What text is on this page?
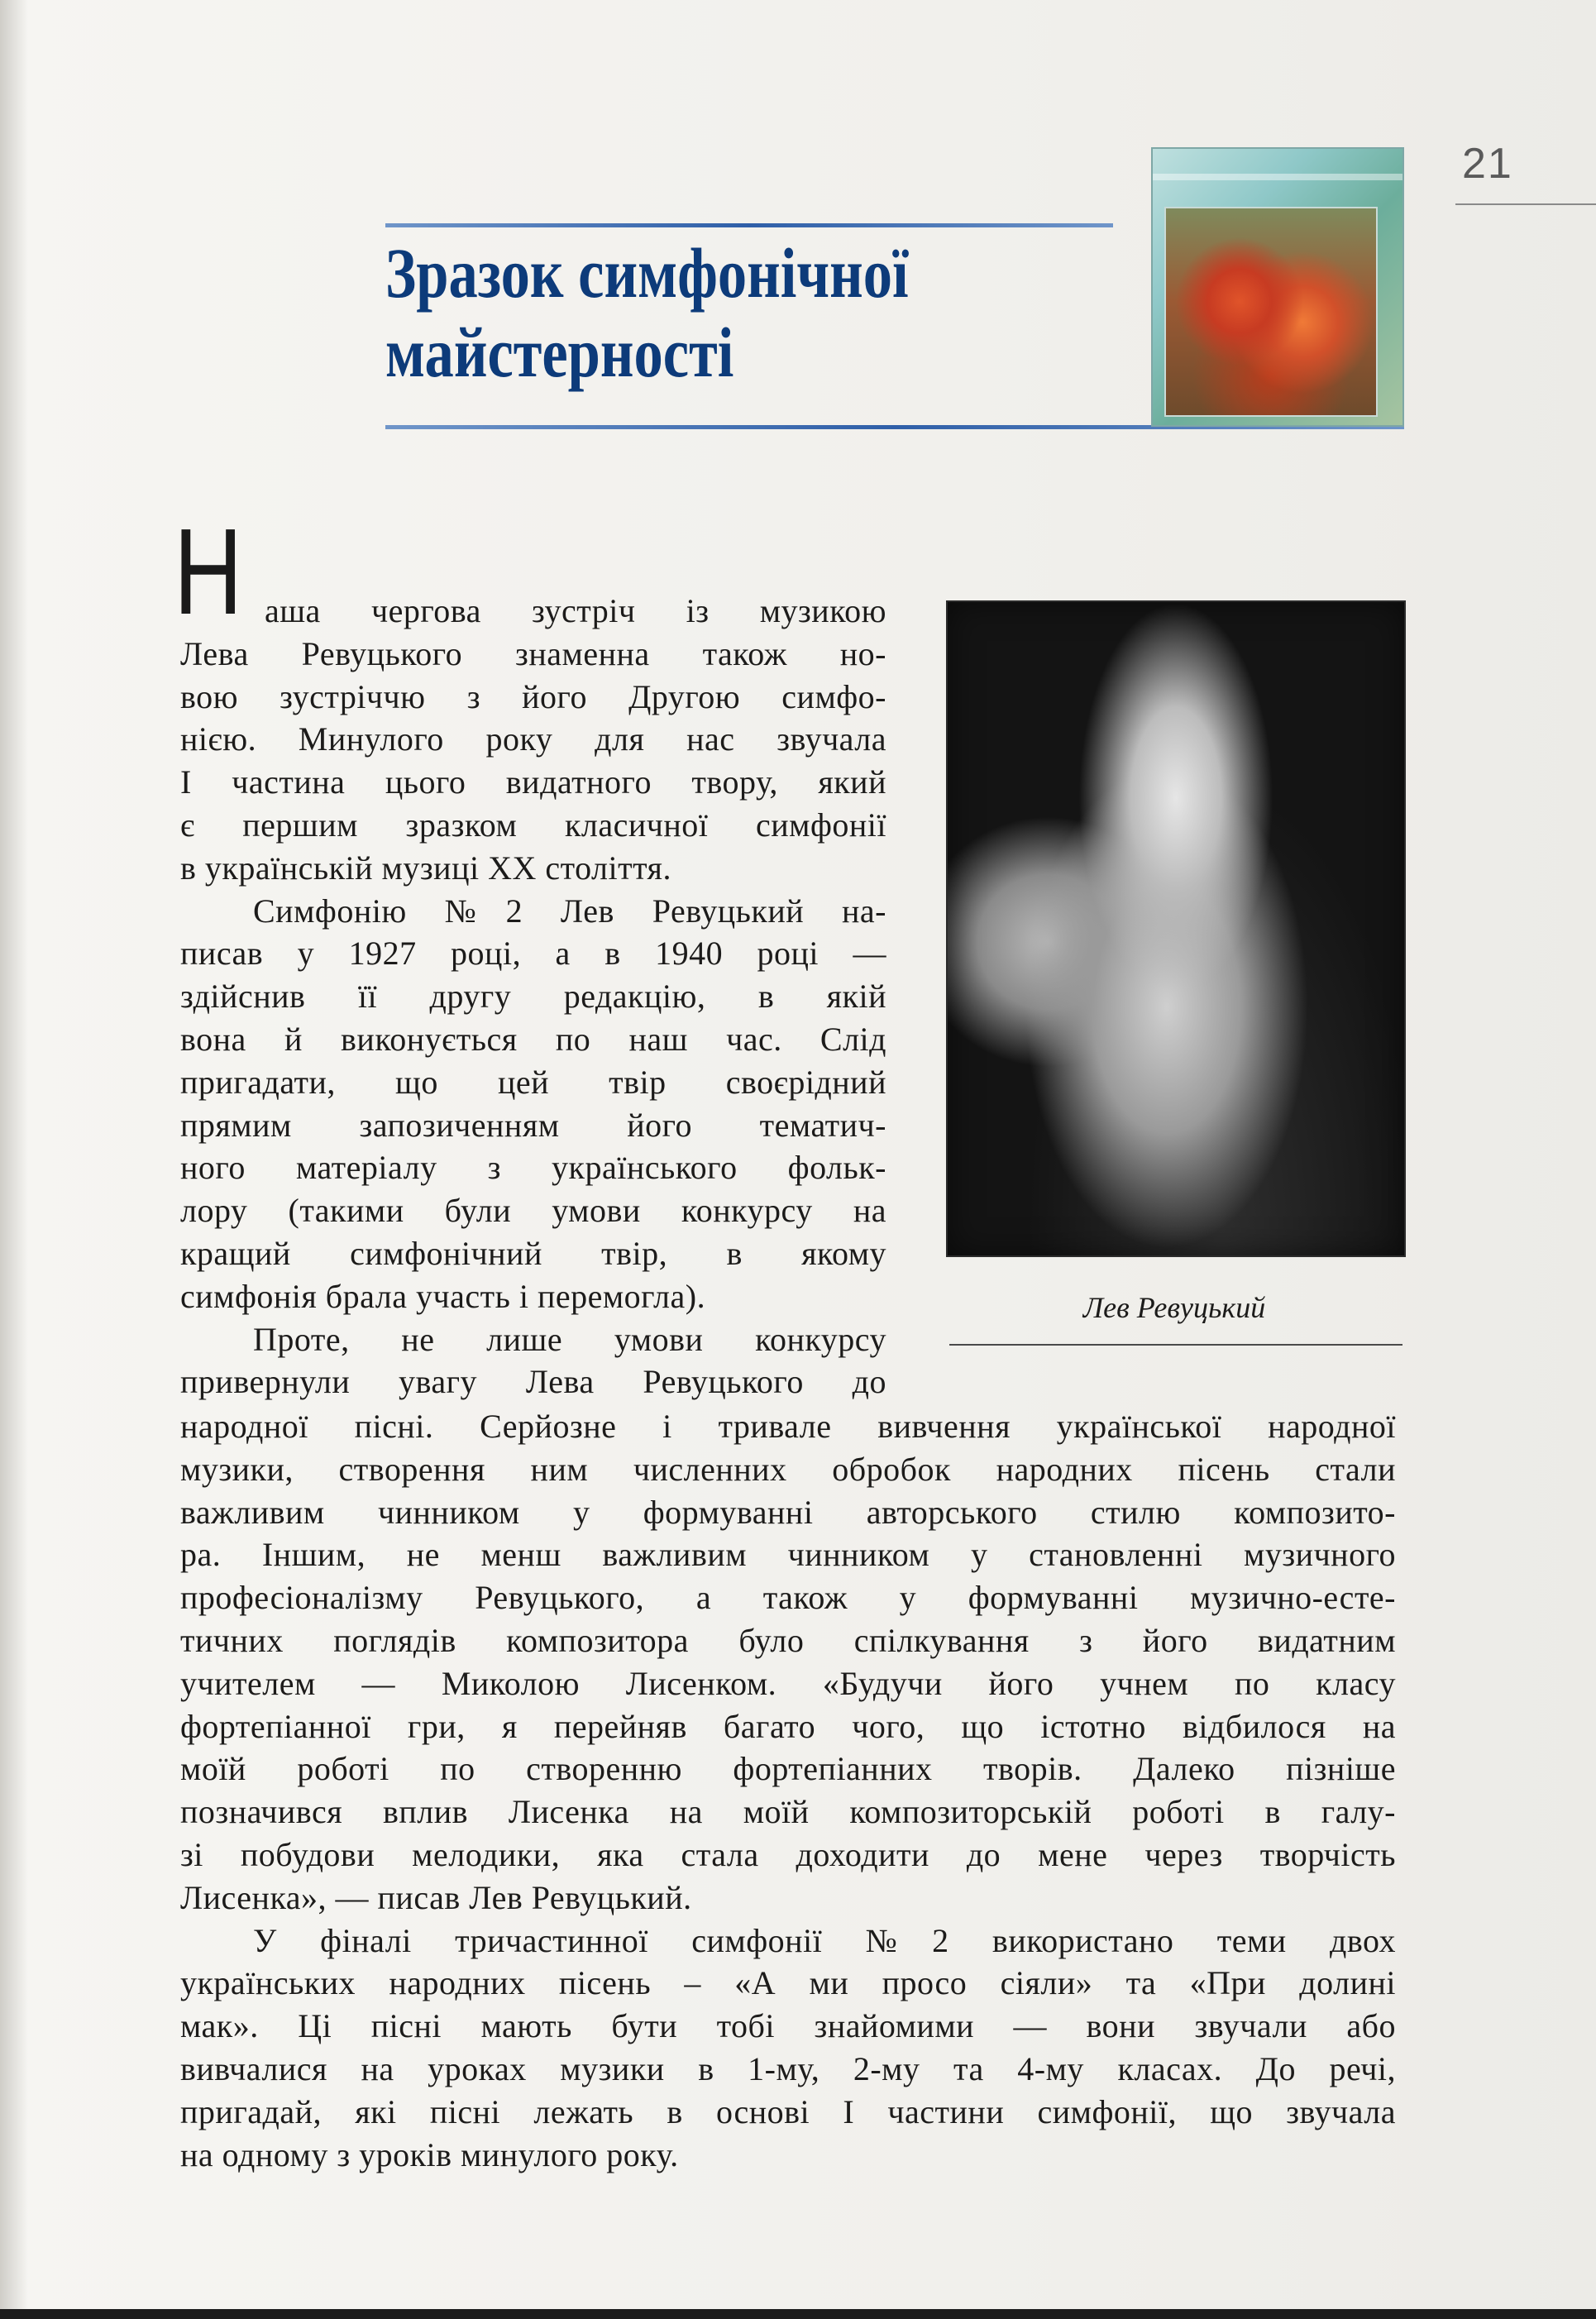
21
Зразок симфонічної
майстерності
Н аша чергова зустріч із музикою
Лева Ревуцького знаменна також но-
вою зустріччю з його Другою симфо-
нією. Минулого року для нас звучала
І частина цього видатного твору, який
є першим зразком класичної симфонії
в українській музиці XX століття.
Симфонію №2 Лев Ревуцький на-
писав у 1927 році, а в 1940 році —
здійснив її другу редакцію, в якій
вона й виконується по наш час. Слід
пригадати, що цей твір своєрідний
прямим запозиченням його тематич-
ного матеріалу з українського фольк-
лору (такими були умови конкурсу на
кращий симфонічний твір, в якому
симфонія брала участь і перемогла).
Проте, не лише умови конкурсу
привернули увагу Лева Ревуцького до
Лев Ревуцький
народної пісні. Серйозне і тривале вивчення української народної
музики, створення ним численних обробок народних пісень стали
важливим чинником у формуванні авторського стилю композито-
ра. Іншим, не менш важливим чинником у становленні музичного
професіоналізму Ревуцького, а також у формуванні музично-есте-
тичних поглядів композитора було спілкування з його видатним
учителем — Миколою Лисенком. «Будучи його учнем по класу
фортепіанної гри, я перейняв багато чого, що істотно відбилося на
моїй роботі по створенню фортепіанних творів. Далеко пізніше
позначився вплив Лисенка на моїй композиторській роботі в галу-
зі побудови мелодики, яка стала доходити до мене через творчість
Лисенка», — писав Лев Ревуцький.
У фіналі тричастинної симфонії №2 використано теми двох
українських народних пісень – «А ми просо сіяли» та «При долині
мак». Ці пісні мають бути тобі знайомими — вони звучали або
вивчалися на уроках музики в 1-му, 2-му та 4-му класах. До речі,
пригадай, які пісні лежать в основі І частини симфонії, що звучала
на одному з уроків минулого року.
